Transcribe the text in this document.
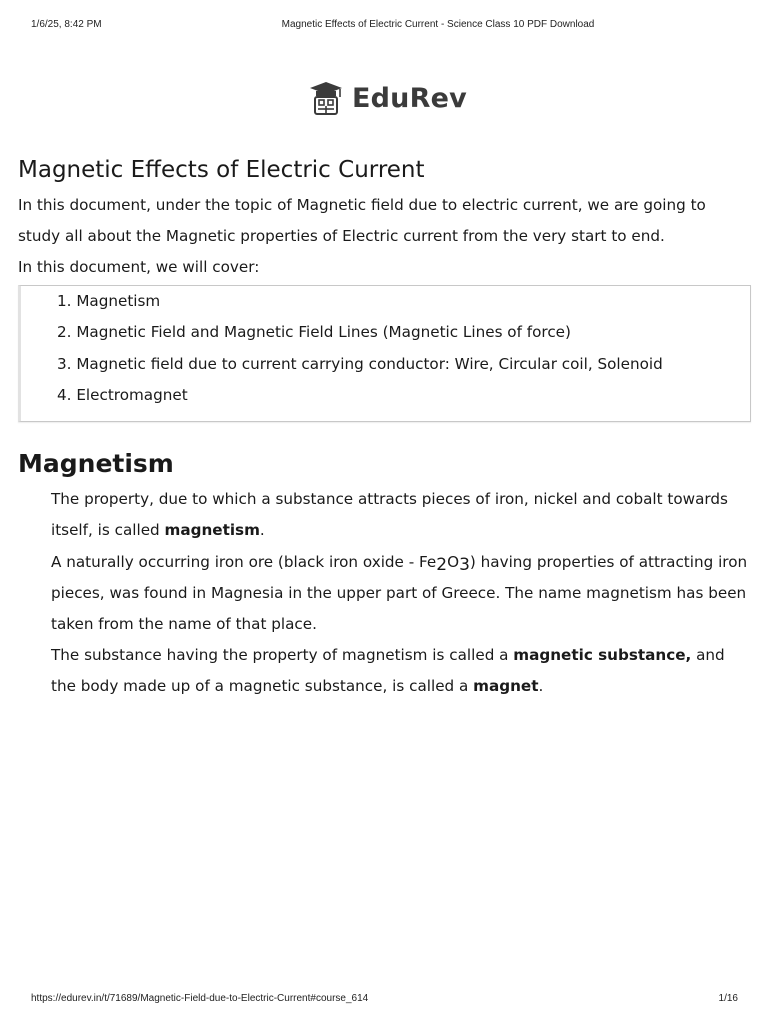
1/6/25, 8:42 PM	Magnetic Effects of Electric Current - Science Class 10 PDF Download
EduRev
Magnetic Effects of Electric Current

In this document, under the topic of Magnetic field due to electric current, we are going to study all about the Magnetic properties of Electric current from the very start to end.

In this document, we will cover:

1. Magnetism
2. Magnetic Field and Magnetic Field Lines (Magnetic Lines of force)
3. Magnetic field due to current carrying conductor: Wire, Circular coil, Solenoid
4. Electromagnet
Magnetism

The property, due to which a substance attracts pieces of iron, nickel and cobalt towards itself, is called magnetism.

A naturally occurring iron ore (black iron oxide - Fe2O3) having properties of attracting iron pieces, was found in Magnesia in the upper part of Greece. The name magnetism has been taken from the name of that place.

The substance having the property of magnetism is called a magnetic substance, and the body made up of a magnetic substance, is called a magnet.

https://edurev.in/t/71689/Magnetic-Field-due-to-Electric-Current#course_614	1/16
